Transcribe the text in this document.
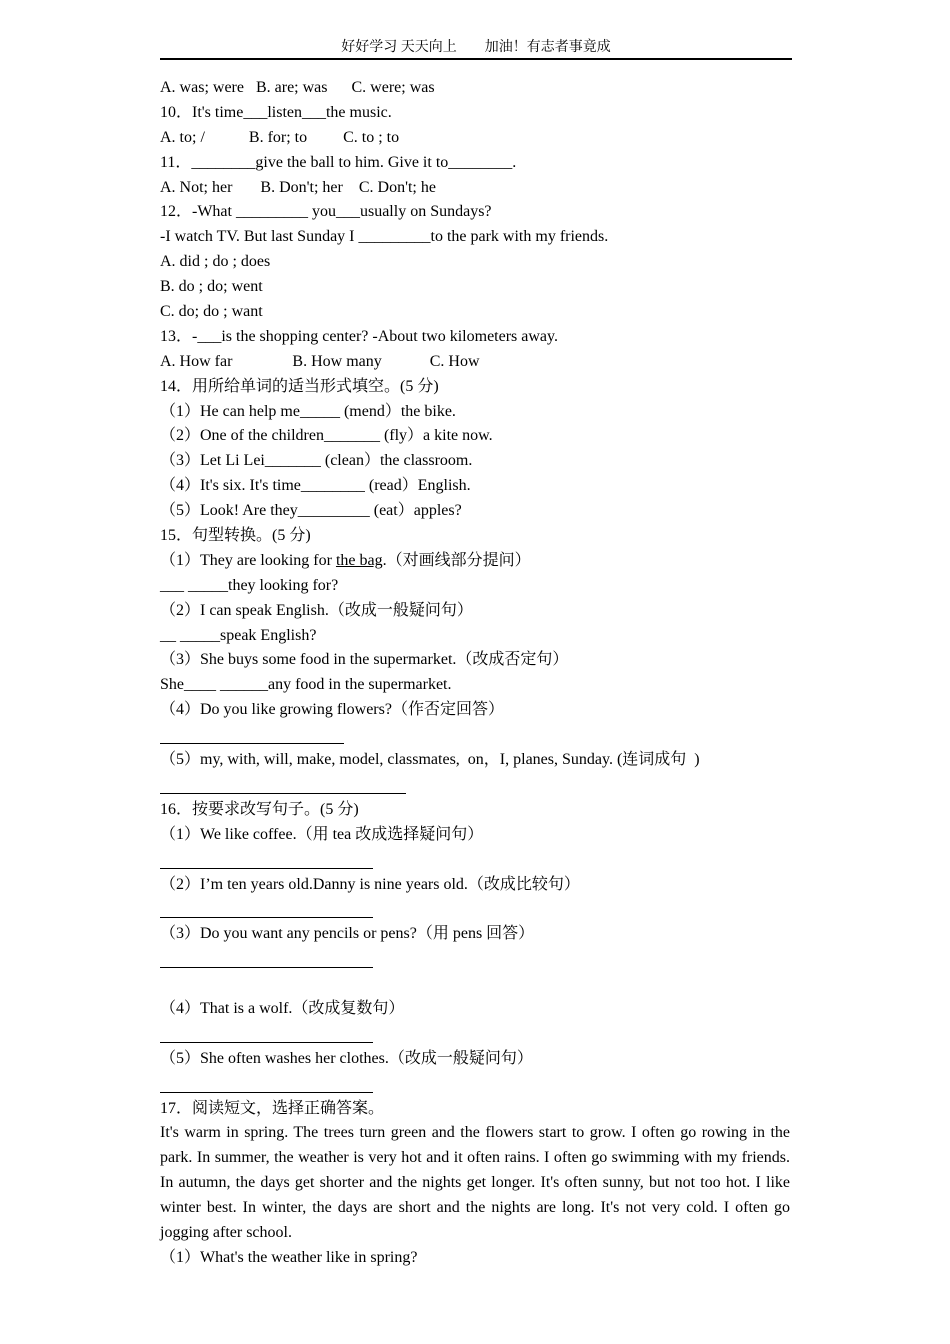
好好学习 天天向上 加油！有志者事竟成
A. was; were   B. are; was      C. were; was
10．It's time___listen___the music.
A. to; /           B. for; to         C. to ; to
11．________give the ball to him. Give it to________.
A. Not; her       B. Don't; her    C. Don't; he
12．-What _________ you___usually on Sundays?
-I watch TV. But last Sunday I _________to the park with my friends.
A. did ; do ; does
B. do ; do; went
C. do; do ; want
13．-___is the shopping center? -About two kilometers away.
A. How far               B. How many            C. How
14．用所给单词的适当形式填空。(5 分)
（1）He can help me_____ (mend）the bike.
（2）One of the children_______ (fly）a kite now.
（3）Let Li Lei_______ (clean）the classroom.
（4）It's six. It's time________ (read）English.
（5）Look! Are they_________ (eat）apples?
15．句型转换。(5 分)
（1）They are looking for the bag.（对画线部分提问）
___ _____they looking for?
（2）I can speak English.（改成一般疑问句）
__ _____speak English?
（3）She buys some food in the supermarket.（改成否定句）
She____ ______any food in the supermarket.
（4）Do you like growing flowers?（作否定回答）
（5）my, with, will, make, model, classmates,  on，I, planes, Sunday. (连词成句  )
16．按要求改写句子。(5 分)
（1）We like coffee.（用 tea 改成选择疑问句）
（2）I’m ten years old.Danny is nine years old.（改成比较句）
（3）Do you want any pencils or pens?（用 pens 回答）
（4）That is a wolf.（改成复数句）
（5）She often washes her clothes.（改成一般疑问句）
17．阅读短文，选择正确答案。
It's warm in spring. The trees turn green and the flowers start to grow. I often go rowing in the park. In summer, the weather is very hot and it often rains. I often go swimming with my friends. In autumn, the days get shorter and the nights get longer. It's often sunny, but not too hot. I like winter best. In winter, the days are short and the nights are long. It's not very cold. I often go jogging after school.
（1）What's the weather like in spring?
